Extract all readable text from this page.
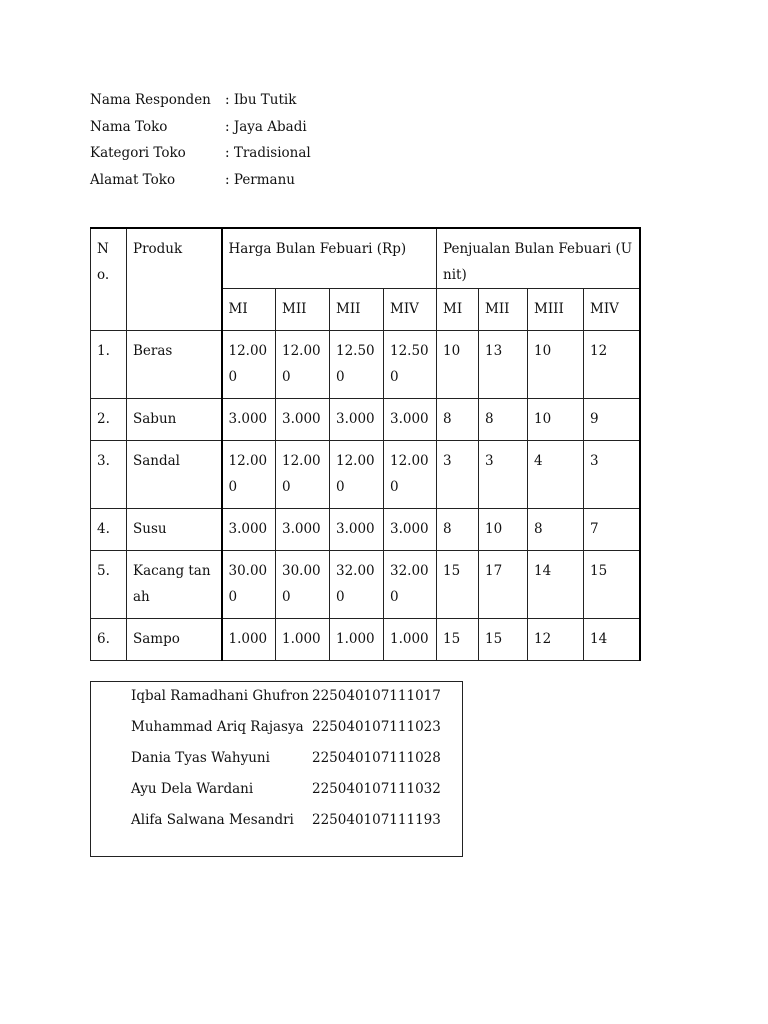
Nama Responden : Ibu Tutik
Nama Toko	: Jaya Abadi
Kategori Toko	: Tradisional
Alamat Toko	: Permanu
No.	Produk	Harga Bulan Febuari (Rp)				Penjualan Bulan Febuari (Unit)			
		MI	MII	MII	MIV	MI	MII	MIII	MIV
1.	Beras	12.000	12.000	12.500	12.500	10	13	10	12
2.	Sabun	3.000	3.000	3.000	3.000	8	8	10	9
3.	Sandal	12.000	12.000	12.000	12.000	3	3	4	3
4.	Susu	3.000	3.000	3.000	3.000	8	10	8	7
5.	Kacang tanah	30.000	30.000	32.000	32.000	15	17	14	15
6.	Sampo	1.000	1.000	1.000	1.000	15	15	12	14
Iqbal Ramadhani Ghufron 225040107111017
Muhammad Ariq Rajasya 225040107111023
Dania Tyas Wahyuni	225040107111028
Ayu Dela Wardani	225040107111032
Alifa Salwana Mesandri 225040107111193
